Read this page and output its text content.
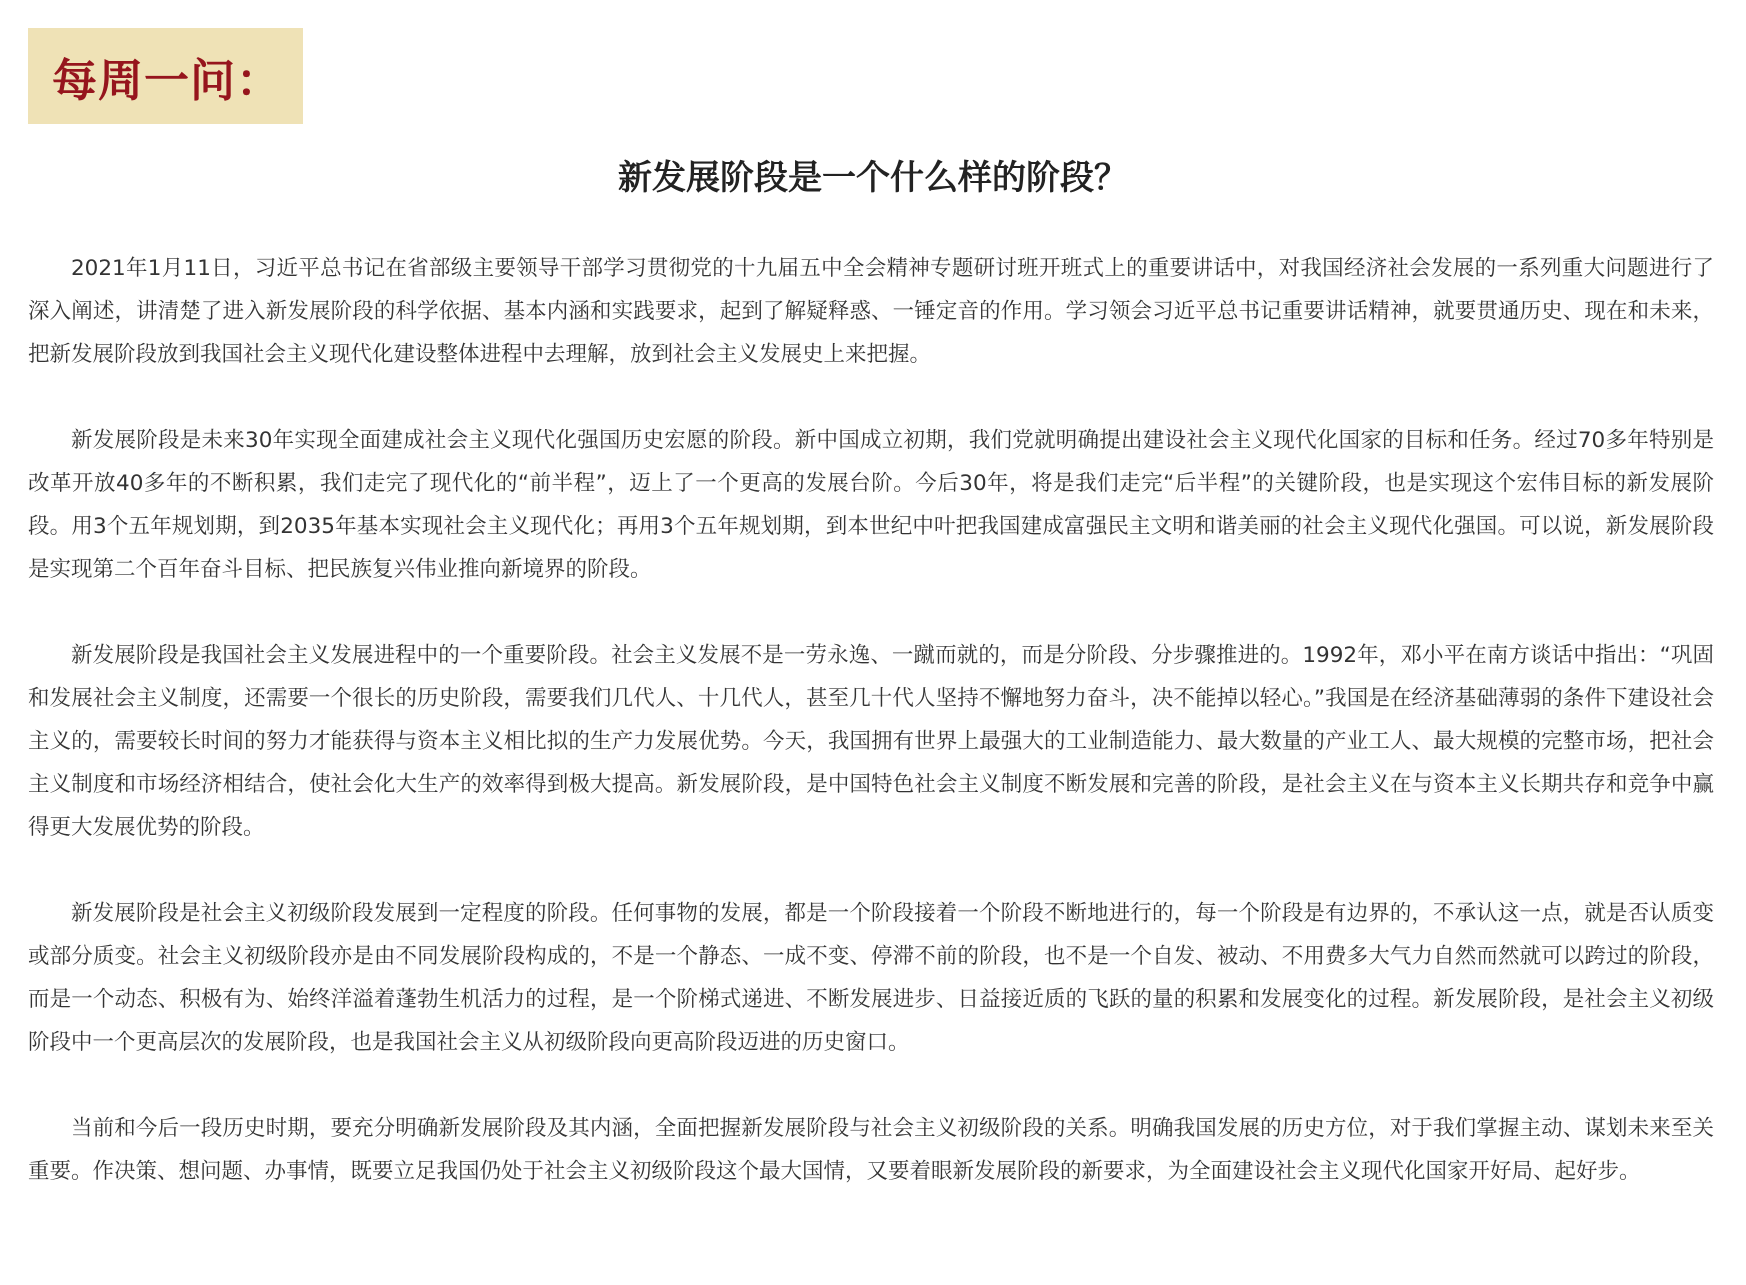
每周一问：
新发展阶段是一个什么样的阶段？

2021年1月11日，习近平总书记在省部级主要领导干部学习贯彻党的十九届五中全会精神专题研讨班开班式上的重要讲话中，对我国经济社会发展的一系列重大问题进行了深入阐述，讲清楚了进入新发展阶段的科学依据、基本内涵和实践要求，起到了解疑释惑、一锤定音的作用。学习领会习近平总书记重要讲话精神，就要贯通历史、现在和未来，把新发展阶段放到我国社会主义现代化建设整体进程中去理解，放到社会主义发展史上来把握。

新发展阶段是未来30年实现全面建成社会主义现代化强国历史宏愿的阶段。新中国成立初期，我们党就明确提出建设社会主义现代化国家的目标和任务。经过70多年特别是改革开放40多年的不断积累，我们走完了现代化的“前半程”，迈上了一个更高的发展台阶。今后30年，将是我们走完“后半程”的关键阶段，也是实现这个宏伟目标的新发展阶段。用3个五年规划期，到2035年基本实现社会主义现代化；再用3个五年规划期，到本世纪中叶把我国建成富强民主文明和谐美丽的社会主义现代化强国。可以说，新发展阶段是实现第二个百年奋斗目标、把民族复兴伟业推向新境界的阶段。

新发展阶段是我国社会主义发展进程中的一个重要阶段。社会主义发展不是一劳永逸、一蹴而就的，而是分阶段、分步骤推进的。1992年，邓小平在南方谈话中指出：“巩固和发展社会主义制度，还需要一个很长的历史阶段，需要我们几代人、十几代人，甚至几十代人坚持不懈地努力奋斗，决不能掉以轻心。”我国是在经济基础薄弱的条件下建设社会主义的，需要较长时间的努力才能获得与资本主义相比拟的生产力发展优势。今天，我国拥有世界上最强大的工业制造能力、最大数量的产业工人、最大规模的完整市场，把社会主义制度和市场经济相结合，使社会化大生产的效率得到极大提高。新发展阶段，是中国特色社会主义制度不断发展和完善的阶段，是社会主义在与资本主义长期共存和竞争中赢得更大发展优势的阶段。

新发展阶段是社会主义初级阶段发展到一定程度的阶段。任何事物的发展，都是一个阶段接着一个阶段不断地进行的，每一个阶段是有边界的，不承认这一点，就是否认质变或部分质变。社会主义初级阶段亦是由不同发展阶段构成的，不是一个静态、一成不变、停滞不前的阶段，也不是一个自发、被动、不用费多大气力自然而然就可以跨过的阶段，而是一个动态、积极有为、始终洋溢着蓬勃生机活力的过程，是一个阶梯式递进、不断发展进步、日益接近质的飞跃的量的积累和发展变化的过程。新发展阶段，是社会主义初级阶段中一个更高层次的发展阶段，也是我国社会主义从初级阶段向更高阶段迈进的历史窗口。

当前和今后一段历史时期，要充分明确新发展阶段及其内涵，全面把握新发展阶段与社会主义初级阶段的关系。明确我国发展的历史方位，对于我们掌握主动、谋划未来至关重要。作决策、想问题、办事情，既要立足我国仍处于社会主义初级阶段这个最大国情，又要着眼新发展阶段的新要求，为全面建设社会主义现代化国家开好局、起好步。
